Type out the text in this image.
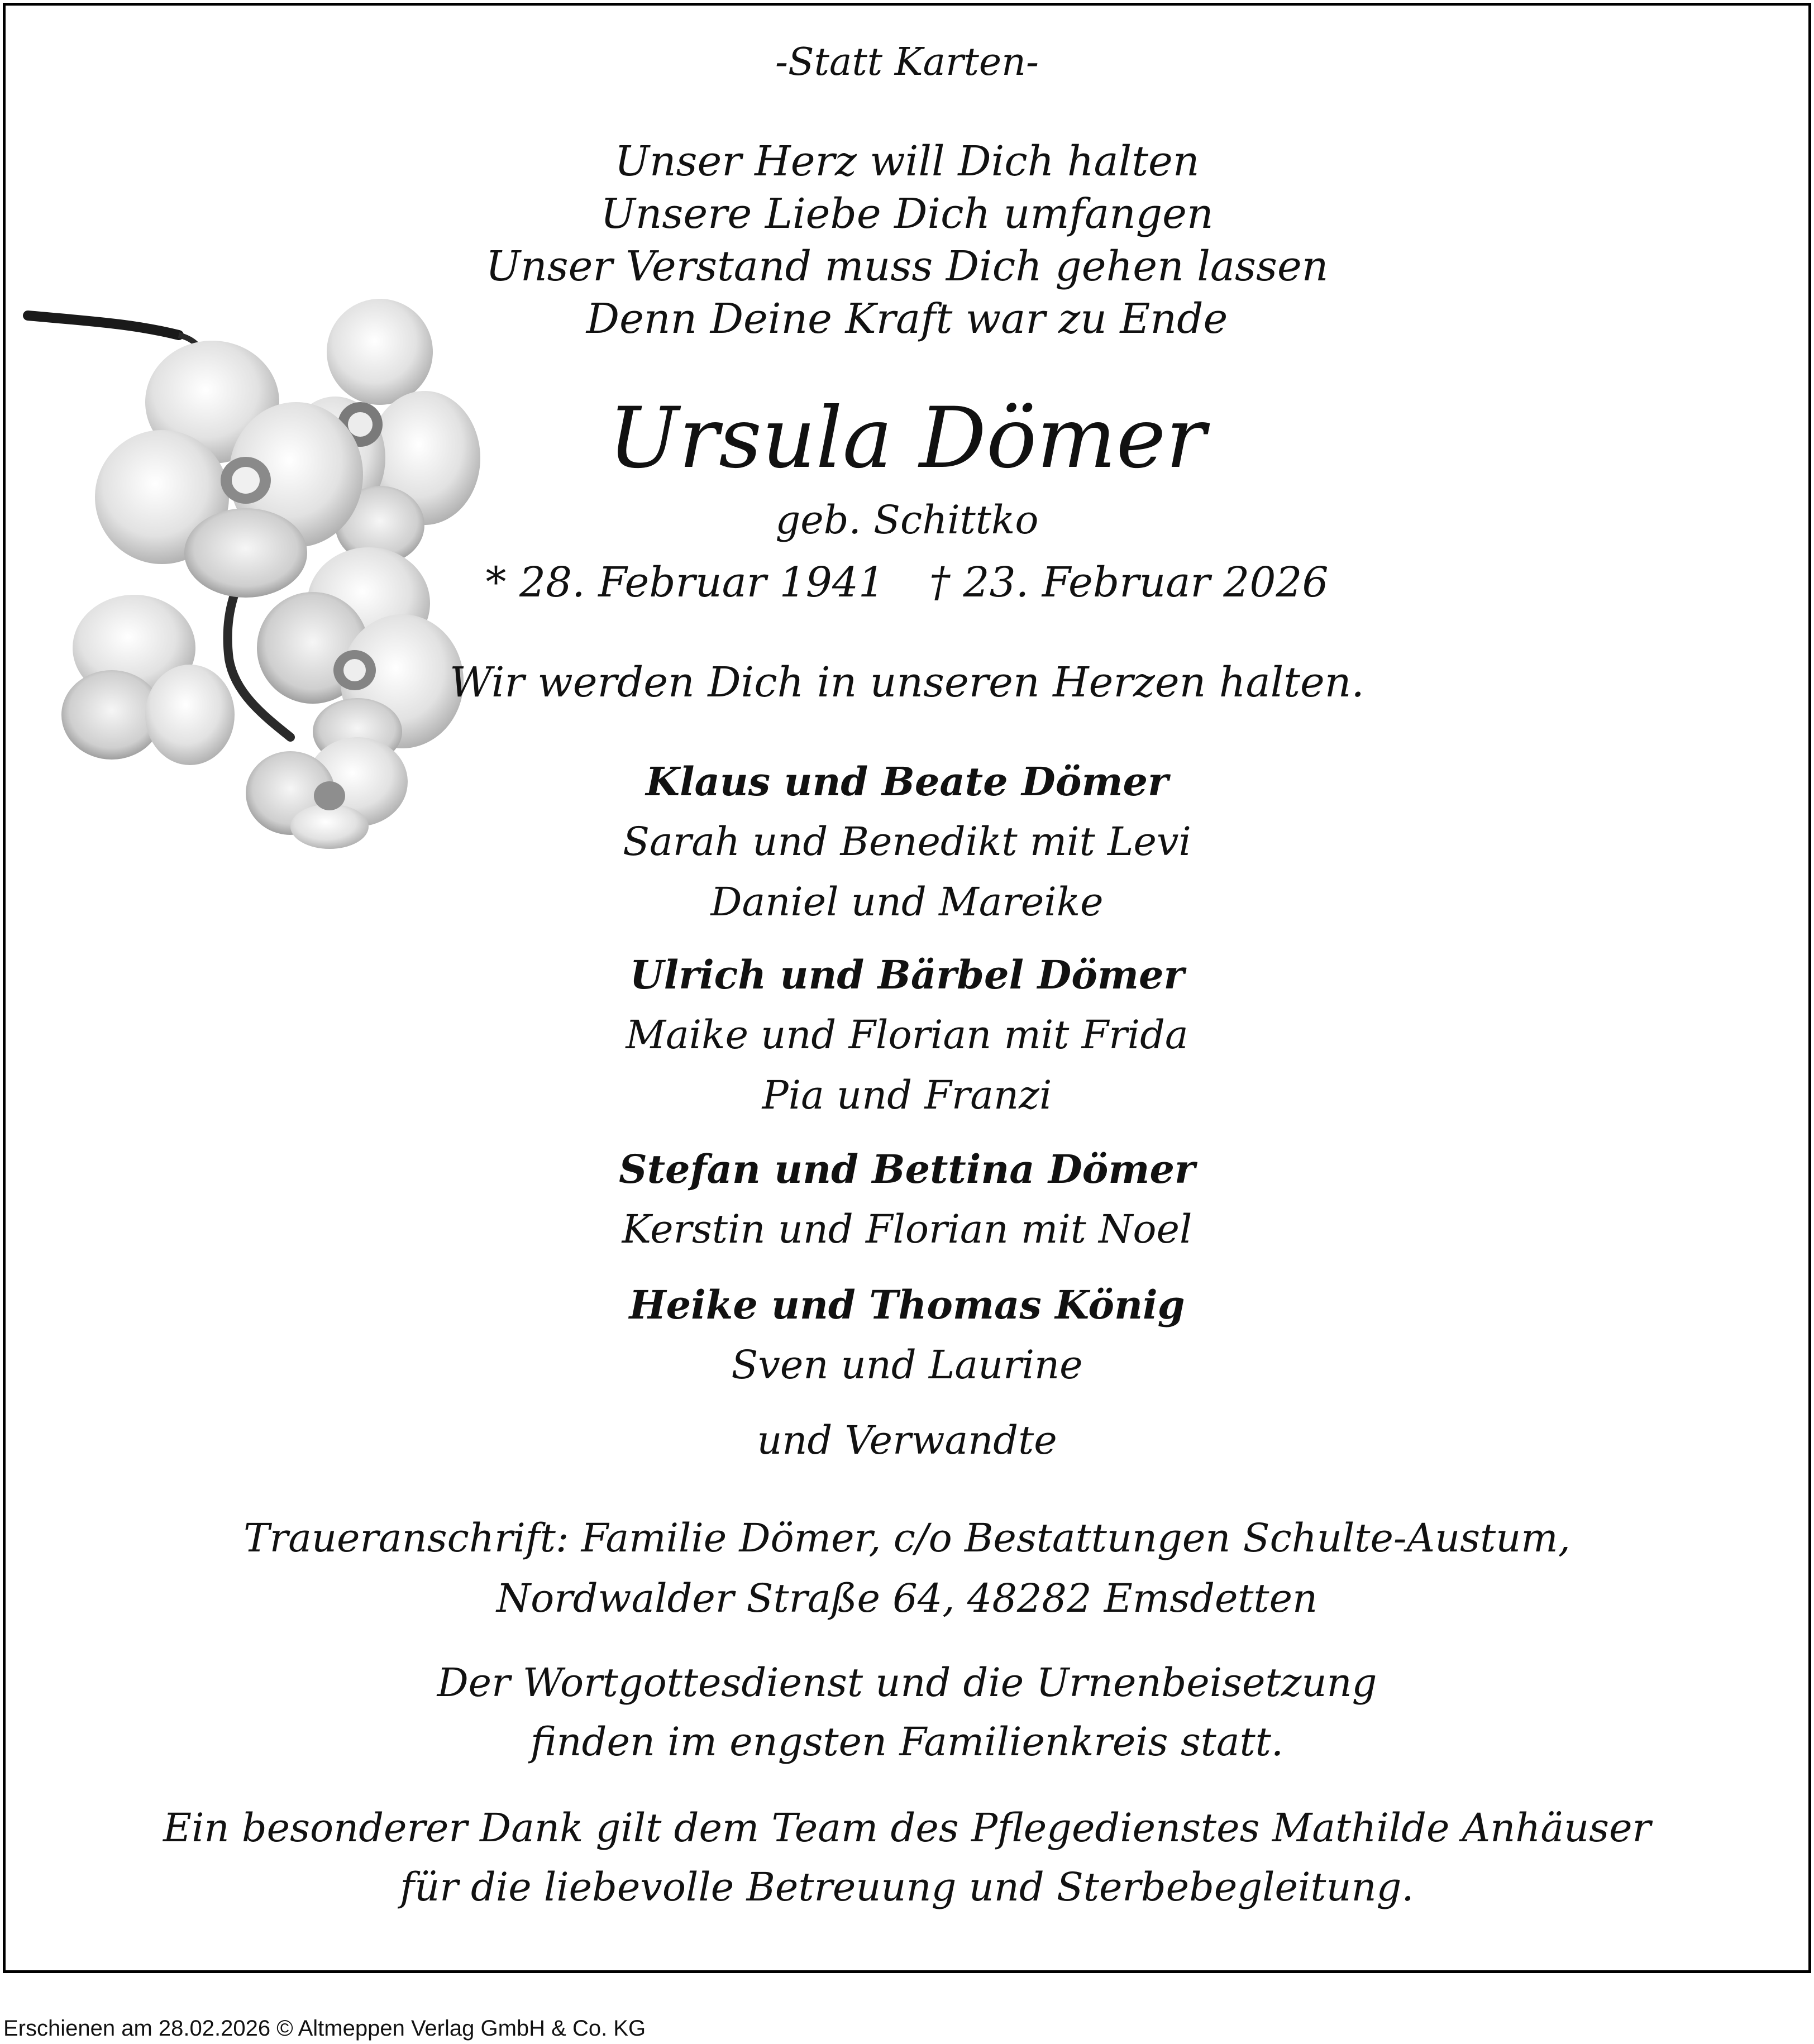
-Statt Karten-
Unser Herz will Dich halten
Unsere Liebe Dich umfangen
Unser Verstand muss Dich gehen lassen
Denn Deine Kraft war zu Ende
Ursula Dömer
geb. Schittko
* 28. Februar 1941 † 23. Februar 2026
Wir werden Dich in unseren Herzen halten.
Klaus und Beate Dömer
Sarah und Benedikt mit Levi
Daniel und Mareike
Ulrich und Bärbel Dömer
Maike und Florian mit Frida
Pia und Franzi
Stefan und Bettina Dömer
Kerstin und Florian mit Noel
Heike und Thomas König
Sven und Laurine
und Verwandte
Traueranschrift: Familie Dömer, c/o Bestattungen Schulte-Austum,
Nordwalder Straße 64, 48282 Emsdetten
Der Wortgottesdienst und die Urnenbeisetzung
finden im engsten Familienkreis statt.
Ein besonderer Dank gilt dem Team des Pflegedienstes Mathilde Anhäuser
für die liebevolle Betreuung und Sterbebegleitung.
Erschienen am 28.02.2026 © Altmeppen Verlag GmbH & Co. KG
